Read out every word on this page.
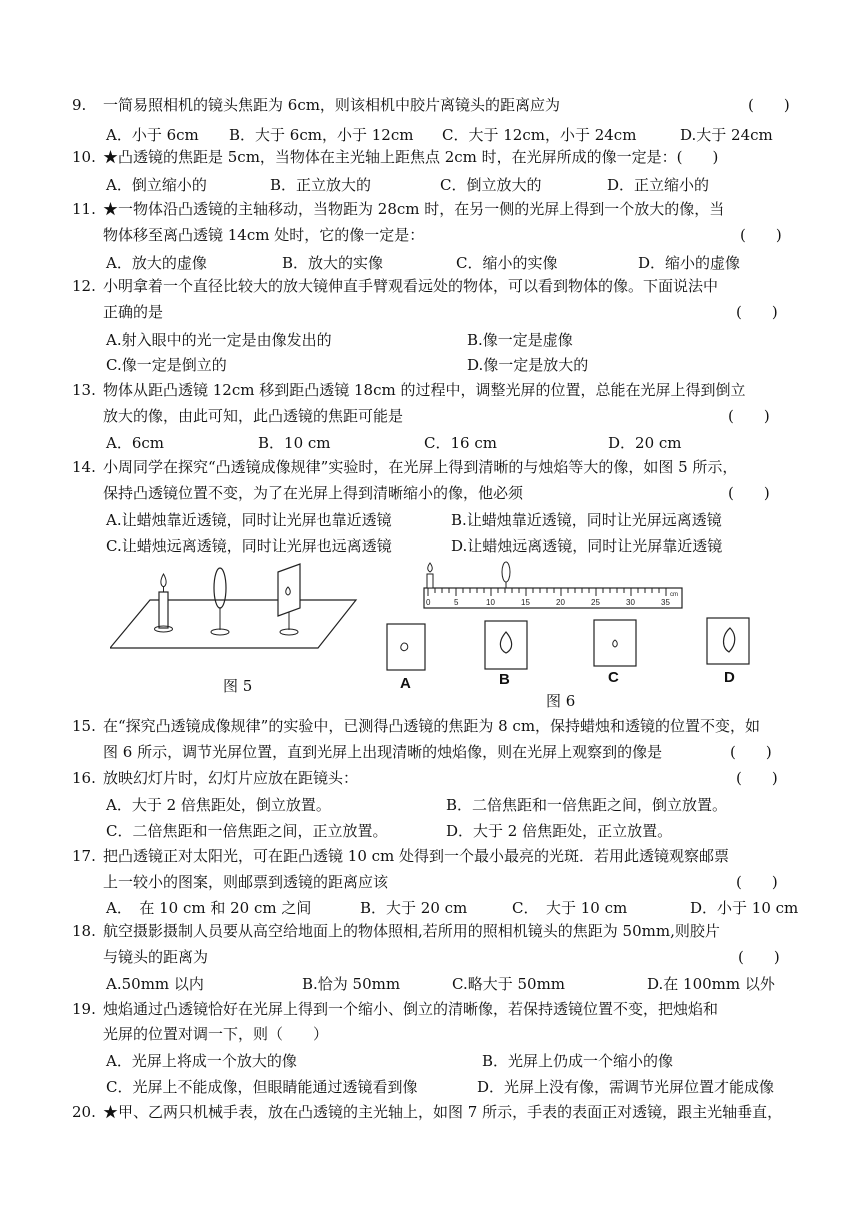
9.	一简易照相机的镜头焦距为 6cm，则该相机中胶片离镜头的距离应为	(　　)
A．小于 6cm B．大于 6cm，小于 12cm C．大于 12cm，小于 24cm	D.大于 24cm
10. ★凸透镜的焦距是 5cm，当物体在主光轴上距焦点 2cm 时，在光屏所成的像一定是：(　　)
A．倒立缩小的	B．正立放大的	C．倒立放大的	D．正立缩小的
11. ★一物体沿凸透镜的主轴移动，当物距为 28cm 时，在另一侧的光屏上得到一个放大的像，当
物体移至离凸透镜 14cm 处时，它的像一定是：	(　　)
A．放大的虚像	B．放大的实像	C．缩小的实像	D．缩小的虚像
12. 小明拿着一个直径比较大的放大镜伸直手臂观看远处的物体，可以看到物体的像。下面说法中
正确的是	(　　)
A.射入眼中的光一定是由像发出的	B.像一定是虚像
C.像一定是倒立的	D.像一定是放大的
13. 物体从距凸透镜 12cm 移到距凸透镜 18cm 的过程中，调整光屏的位置，总能在光屏上得到倒立
放大的像，由此可知，此凸透镜的焦距可能是	(　　)
A．6cm	B．10 cm	C．16 cm	D．20 cm
14. 小周同学在探究“凸透镜成像规律”实验时，在光屏上得到清晰的与烛焰等大的像，如图 5 所示，
保持凸透镜位置不变，为了在光屏上得到清晰缩小的像，他必须	(　　)
A.让蜡烛靠近透镜，同时让光屏也靠近透镜	B.让蜡烛靠近透镜，同时让光屏远离透镜
C.让蜡烛远离透镜，同时让光屏也远离透镜	D.让蜡烛远离透镜，同时让光屏靠近透镜
图 5
0	5	10	15	20	25	30	35
cm
A	B	C	D
图 6
15. 在“探究凸透镜成像规律”的实验中，已测得凸透镜的焦距为 8 cm，保持蜡烛和透镜的位置不变，如
图 6 所示，调节光屏位置，直到光屏上出现清晰的烛焰像，则在光屏上观察到的像是	(　　)
16. 放映幻灯片时，幻灯片应放在距镜头：	(　　)
A．大于 2 倍焦距处，倒立放置。	B．二倍焦距和一倍焦距之间，倒立放置。
C．二倍焦距和一倍焦距之间，正立放置。	D．大于 2 倍焦距处，正立放置。
17. 把凸透镜正对太阳光，可在距凸透镜 10 cm 处得到一个最小最亮的光斑．若用此透镜观察邮票
上一较小的图案，则邮票到透镜的距离应该	(　　)
A．　在 10 cm 和 20 cm 之间	B．大于 20 cm	C．　大于 10 cm	D．小于 10 cm
18. 航空摄影摄制人员要从高空给地面上的物体照相,若所用的照相机镜头的焦距为 50mm,则胶片
与镜头的距离为	(　　)
A.50mm 以内	B.恰为 50mm	C.略大于 50mm	D.在 100mm 以外
19. 烛焰通过凸透镜恰好在光屏上得到一个缩小、倒立的清晰像，若保持透镜位置不变，把烛焰和
光屏的位置对调一下，则（　　）
A．光屏上将成一个放大的像	B．光屏上仍成一个缩小的像
C．光屏上不能成像，但眼睛能通过透镜看到像	D．光屏上没有像，需调节光屏位置才能成像
20. ★甲、乙两只机械手表，放在凸透镜的主光轴上，如图 7 所示，手表的表面正对透镜，跟主光轴垂直，
